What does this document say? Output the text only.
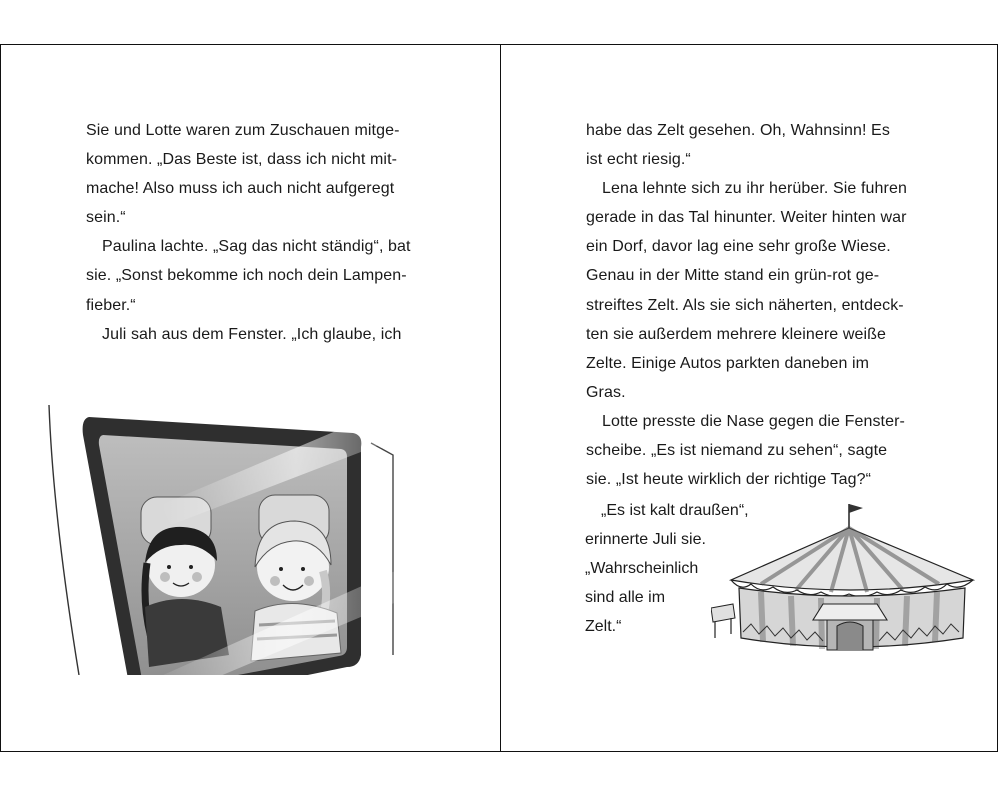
Sie und Lotte waren zum Zuschauen mitge-
kommen. „Das Beste ist, dass ich nicht mit-
mache! Also muss ich auch nicht aufgeregt
sein.“
Paulina lachte. „Sag das nicht ständig“, bat
sie. „Sonst bekomme ich noch dein Lampen-
fieber.“
Juli sah aus dem Fenster. „Ich glaube, ich
habe das Zelt gesehen. Oh, Wahnsinn! Es
ist echt riesig.“
Lena lehnte sich zu ihr herüber. Sie fuhren
gerade in das Tal hinunter. Weiter hinten war
ein Dorf, davor lag eine sehr große Wiese.
Genau in der Mitte stand ein grün-rot ge-
streiftes Zelt. Als sie sich näherten, entdeck-
ten sie außerdem mehrere kleinere weiße
Zelte. Einige Autos parkten daneben im
Gras.
Lotte presste die Nase gegen die Fenster-
scheibe. „Es ist niemand zu sehen“, sagte
sie. „Ist heute wirklich der richtige Tag?“
„Es ist kalt draußen“,
erinnerte Juli sie.
„Wahrscheinlich
sind alle im
Zelt.“
